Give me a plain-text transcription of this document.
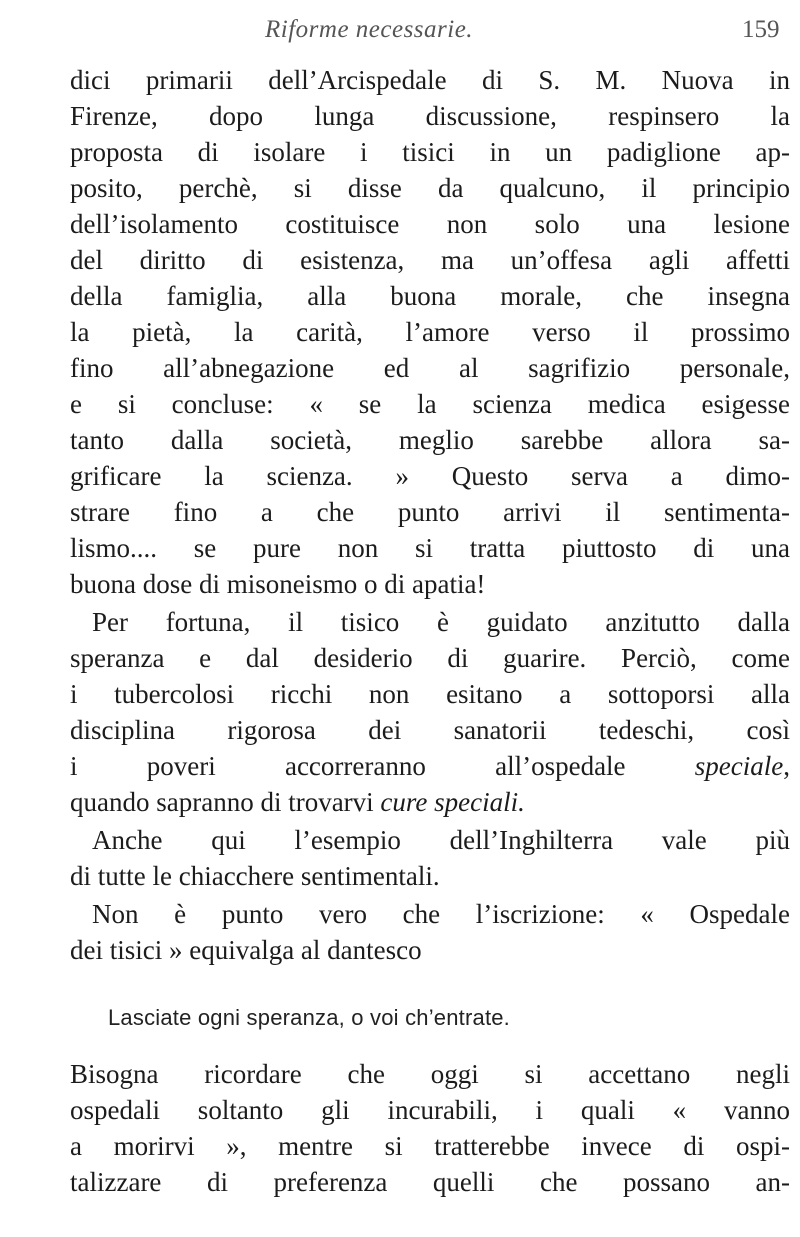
Riforme necessarie.	159
dici primarii dell’Arcispedale di S. M. Nuova in
Firenze, dopo lunga discussione, respinsero la
proposta di isolare i tisici in un padiglione ap-
posito, perchè, si disse da qualcuno, il principio
dell’isolamento costituisce non solo una lesione
del diritto di esistenza, ma un’offesa agli affetti
della famiglia, alla buona morale, che insegna
la pietà, la carità, l’amore verso il prossimo
fino all’abnegazione ed al sagrifizio personale,
e si concluse: « se la scienza medica esigesse
tanto dalla società, meglio sarebbe allora sa-
grificare la scienza. » Questo serva a dimo-
strare fino a che punto arrivi il sentimenta-
lismo.... se pure non si tratta piuttosto di una
buona dose di misoneismo o di apatia!
Per fortuna, il tisico è guidato anzitutto dalla
speranza e dal desiderio di guarire. Perciò, come
i tubercolosi ricchi non esitano a sottoporsi alla
disciplina rigorosa dei sanatorii tedeschi, così
i poveri accorreranno all’ospedale speciale,
quando sapranno di trovarvi cure speciali.
Anche qui l’esempio dell’Inghilterra vale più
di tutte le chiacchere sentimentali.
Non è punto vero che l’iscrizione: « Ospedale
dei tisici » equivalga al dantesco
Bisogna ricordare che oggi si accettano negli
ospedali soltanto gli incurabili, i quali « vanno
a morirvi », mentre si tratterebbe invece di ospi-
talizzare di preferenza quelli che possano an-
Lasciate ogni speranza, o voi ch’entrate.
